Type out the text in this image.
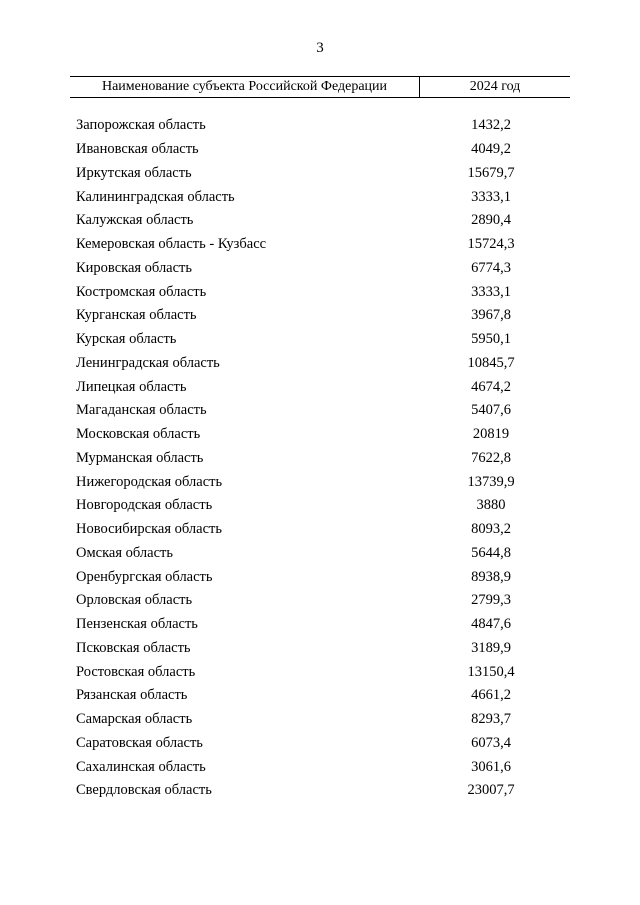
3
Наименование субъекта Российской Федерации	2024 год
Запорожская область	1432,2
Ивановская область	4049,2
Иркутская область	15679,7
Калининградская область	3333,1
Калужская область	2890,4
Кемеровская область - Кузбасс	15724,3
Кировская область	6774,3
Костромская область	3333,1
Курганская область	3967,8
Курская область	5950,1
Ленинградская область	10845,7
Липецкая область	4674,2
Магаданская область	5407,6
Московская область	20819
Мурманская область	7622,8
Нижегородская область	13739,9
Новгородская область	3880
Новосибирская область	8093,2
Омская область	5644,8
Оренбургская область	8938,9
Орловская область	2799,3
Пензенская область	4847,6
Псковская область	3189,9
Ростовская область	13150,4
Рязанская область	4661,2
Самарская область	8293,7
Саратовская область	6073,4
Сахалинская область	3061,6
Свердловская область	23007,7
